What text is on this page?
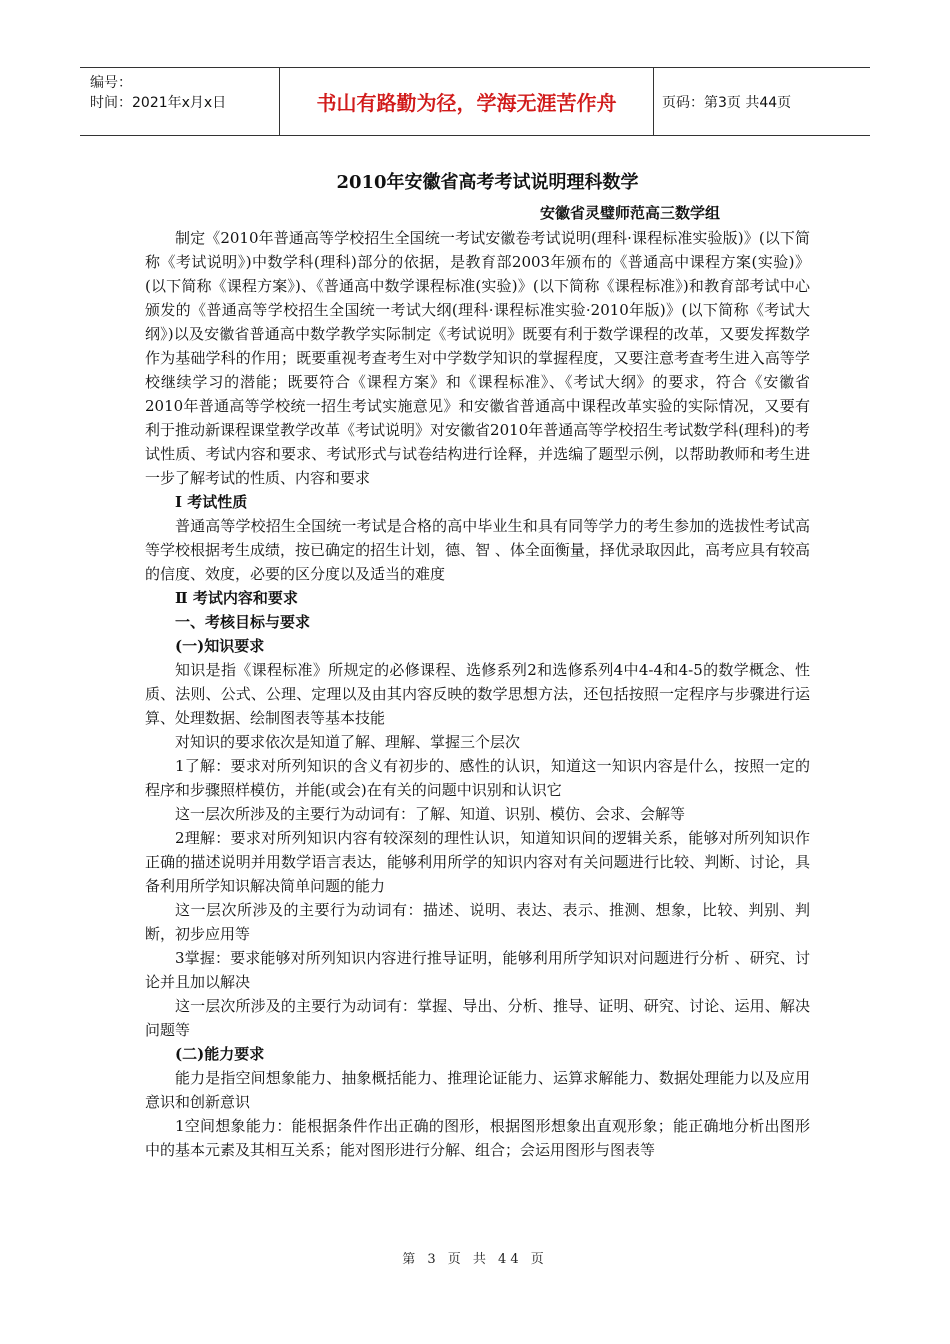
编号：
时间：2021年x月x日	书山有路勤为径，学海无涯苦作舟	页码：第3页 共44页
2010年安徽省高考考试说明理科数学
安徽省灵璧师范高三数学组

制定《2010年普通高等学校招生全国统一考试安徽卷考试说明(理科·课程标准实验版)》(以下简称《考试说明》)中数学科(理科)部分的依据，是教育部2003年颁布的《普通高中课程方案(实验)》(以下简称《课程方案》)、《普通高中数学课程标准(实验)》(以下简称《课程标准》)和教育部考试中心颁发的《普通高等学校招生全国统一考试大纲(理科·课程标准实验·2010年版)》(以下简称《考试大纲》)以及安徽省普通高中数学教学实际制定《考试说明》既要有利于数学课程的改革，又要发挥数学作为基础学科的作用；既要重视考查考生对中学数学知识的掌握程度，又要注意考查考生进入高等学校继续学习的潜能；既要符合《课程方案》和《课程标准》、《考试大纲》的要求，符合《安徽省2010年普通高等学校统一招生考试实施意见》和安徽省普通高中课程改革实验的实际情况，又要有利于推动新课程课堂教学改革《考试说明》对安徽省2010年普通高等学校招生考试数学科(理科)的考试性质、考试内容和要求、考试形式与试卷结构进行诠释，并选编了题型示例，以帮助教师和考生进一步了解考试的性质、内容和要求

Ⅰ 考试性质

普通高等学校招生全国统一考试是合格的高中毕业生和具有同等学力的考生参加的选拔性考试高等学校根据考生成绩，按已确定的招生计划，德、智 、体全面衡量，择优录取因此，高考应具有较高的信度、效度，必要的区分度以及适当的难度

Ⅱ 考试内容和要求

一、考核目标与要求

(一)知识要求

知识是指《课程标准》所规定的必修课程、选修系列2和选修系列4中4-4和4-5的数学概念、性质、法则、公式、公理、定理以及由其内容反映的数学思想方法，还包括按照一定程序与步骤进行运算、处理数据、绘制图表等基本技能

对知识的要求依次是知道了解、理解、掌握三个层次

1了解：要求对所列知识的含义有初步的、感性的认识，知道这一知识内容是什么，按照一定的程序和步骤照样模仿，并能(或会)在有关的问题中识别和认识它

这一层次所涉及的主要行为动词有：了解、知道、识别、模仿、会求、会解等

2理解：要求对所列知识内容有较深刻的理性认识，知道知识间的逻辑关系，能够对所列知识作正确的描述说明并用数学语言表达，能够利用所学的知识内容对有关问题进行比较、判断、讨论，具备利用所学知识解决简单问题的能力

这一层次所涉及的主要行为动词有：描述、说明、表达、表示、推测、想象，比较、判别、判断，初步应用等

3掌握：要求能够对所列知识内容进行推导证明，能够利用所学知识对问题进行分析 、研究、讨论并且加以解决

这一层次所涉及的主要行为动词有：掌握、导出、分析、推导、证明、研究、讨论、运用、解决问题等

(二)能力要求

能力是指空间想象能力、抽象概括能力、推理论证能力、运算求解能力、数据处理能力以及应用意识和创新意识

1空间想象能力：能根据条件作出正确的图形，根据图形想象出直观形象；能正确地分析出图形中的基本元素及其相互关系；能对图形进行分解、组合；会运用图形与图表等

第 3 页 共 44 页
